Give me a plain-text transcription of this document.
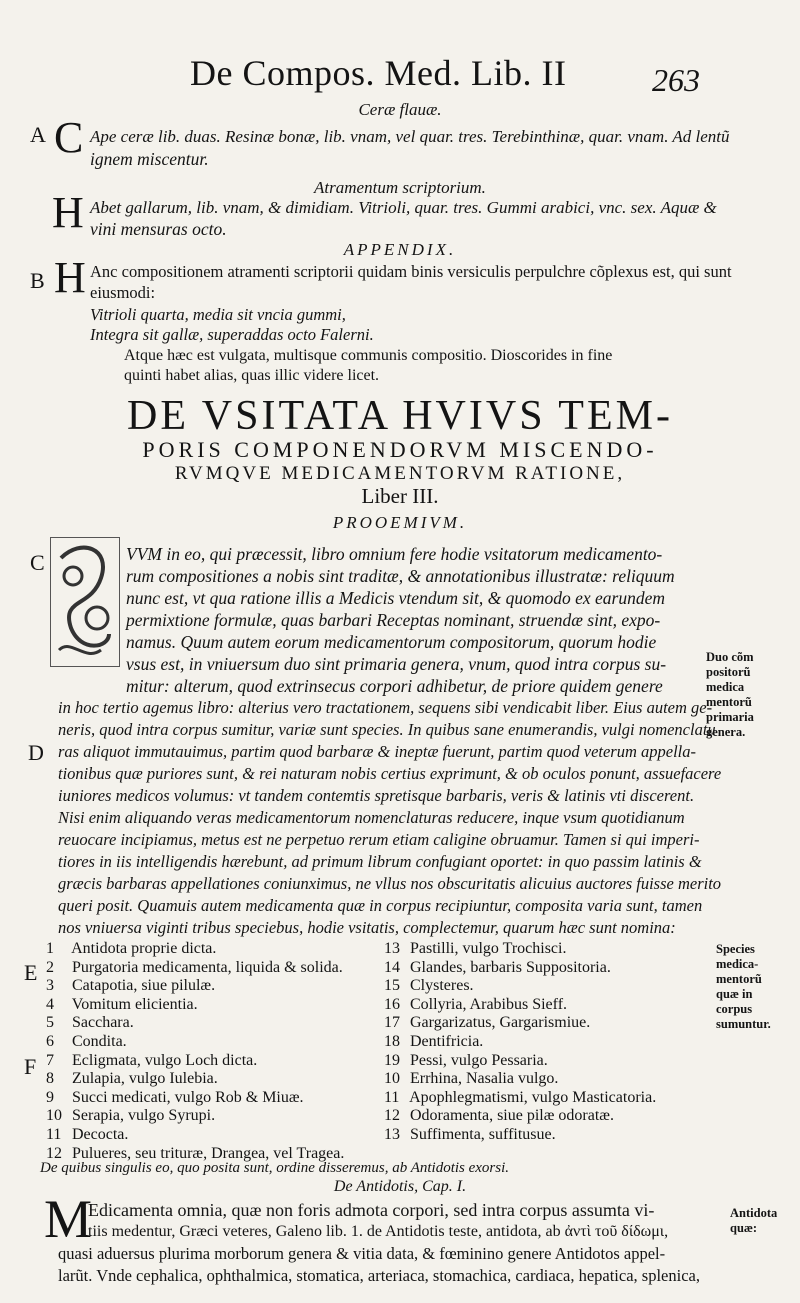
De Compos. Med. Lib. II	263
Ceræ flauæ.
A C Ape ceræ lib. duas. Resinæ bonæ, lib. vnam, vel quar. tres. Terebinthinæ, quar. vnam. Ad lentũ
ignem miscentur.
Atramentum scriptorium.
H Abet gallarum, lib. vnam, & dimidiam. Vitrioli, quar. tres. Gummi arabici, vnc. sex. Aquæ &
vini mensuras octo.
APPENDIX.
B H Anc compositionem atramenti scriptorii quidam binis versiculis perpulchre cõplexus est, qui sunt
eiusmodi:
Vitrioli quarta, media sit vncia gummi,
Integra sit gallæ, superaddas octo Falerni.
Atque hæc est vulgata, multisque communis compositio. Dioscorides in fine
quinti habet alias, quas illic videre licet.
DE VSITATA HVIVS TEM-
PORIS COMPONENDORVM MISCENDO-
RVMQVE MEDICAMENTORVM RATIONE,
Liber III.
PROOEMIVM.
C	VVM in eo, qui præcessit, libro omnium fere hodie vsitatorum medicamento-
rum compositiones a nobis sint traditæ, & annotationibus illustratæ: reliquum
nunc est, vt qua ratione illis a Medicis vtendum sit, & quomodo ex earundem
permixtione formulæ, quas barbari Receptas nominant, struendæ sint, expo-
namus. Quum autem eorum medicamentorum compositorum, quorum hodie
vsus est, in vniuersum duo sint primaria genera, vnum, quod intra corpus su-
mitur: alterum, quod extrinsecus corpori adhibetur, de priore quidem genere
in hoc tertio agemus libro: alterius vero tractationem, sequens sibi vendicabit liber. Eius autem ge-
neris, quod intra corpus sumitur, variæ sunt species. In quibus sane enumerandis, vulgi nomenclatu
D ras aliquot immutauimus, partim quod barbaræ & ineptæ fuerunt, partim quod veterum appella-
tionibus quæ puriores sunt, & rei naturam nobis certius exprimunt, & ob oculos ponunt, assuefacere
iuniores medicos volumus: vt tandem contemtis spretisque barbaris, veris & latinis vti discerent.
Nisi enim aliquando veras medicamentorum nomenclaturas reducere, inque vsum quotidianum
reuocare incipiamus, metus est ne perpetuo rerum etiam caligine obruamur. Tamen si qui imperi-
tiores in iis intelligendis hærebunt, ad primum librum confugiant oportet: in quo passim latinis &
græcis barbaras appellationes coniunximus, ne vllus nos obscuritatis alicuius auctores fuisse merito
queri posit. Quamuis autem medicamenta quæ in corpus recipiuntur, composita varia sunt, tamen
nos vniuersa viginti tribus speciebus, hodie vsitatis, complectemur, quarum hæc sunt nomina:
E
F
1 Antidota proprie dicta.
2 Purgatoria medicamenta, liquida & solida.
3 Catapotia, siue pilulæ.
4 Vomitum elicientia.
5 Sacchara.
6 Condita.
7 Ecligmata, vulgo Loch dicta.
8 Zulapia, vulgo Iulebia.
9 Succi medicati, vulgo Rob & Miuæ.
10 Serapia, vulgo Syrupi.
11 Decocta.
12 Pulueres, seu trituræ, Drangea, vel Tragea.
13 Pastilli, vulgo Trochisci.
14 Glandes, barbaris Suppositoria.
15 Clysteres.
16 Collyria, Arabibus Sieff.
17 Gargarizatus, Gargarismiue.
18 Dentifricia.
19 Pessi, vulgo Pessaria.
10 Errhina, Nasalia vulgo.
11 Apophlegmatismi, vulgo Masticatoria.
12 Odoramenta, siue pilæ odoratæ.
13 Suffimenta, suffitusue.
De quibus singulis eo, quo posita sunt, ordine disseremus, ab Antidotis exorsi.
De Antidotis, Cap. I.
M
Edicamenta omnia, quæ non foris admota corpori, sed intra corpus assumta vi-
tiis medentur, Græci veteres, Galeno lib. 1. de Antidotis teste, antidota, ab ἀντὶ τοῦ δίδωμι,
quasi aduersus plurima morborum genera & vitia data, & fœminino genere Antidotos appel-
larũt. Vnde cephalica, ophthalmica, stomatica, arteriaca, stomachica, cardiaca, hepatica, splenica,
Duo cõm
positorũ
medica
mentorũ
primaria
genera.
Species
medica-
mentorũ
quæ in
corpus
sumuntur.
Antidota
quæ:
